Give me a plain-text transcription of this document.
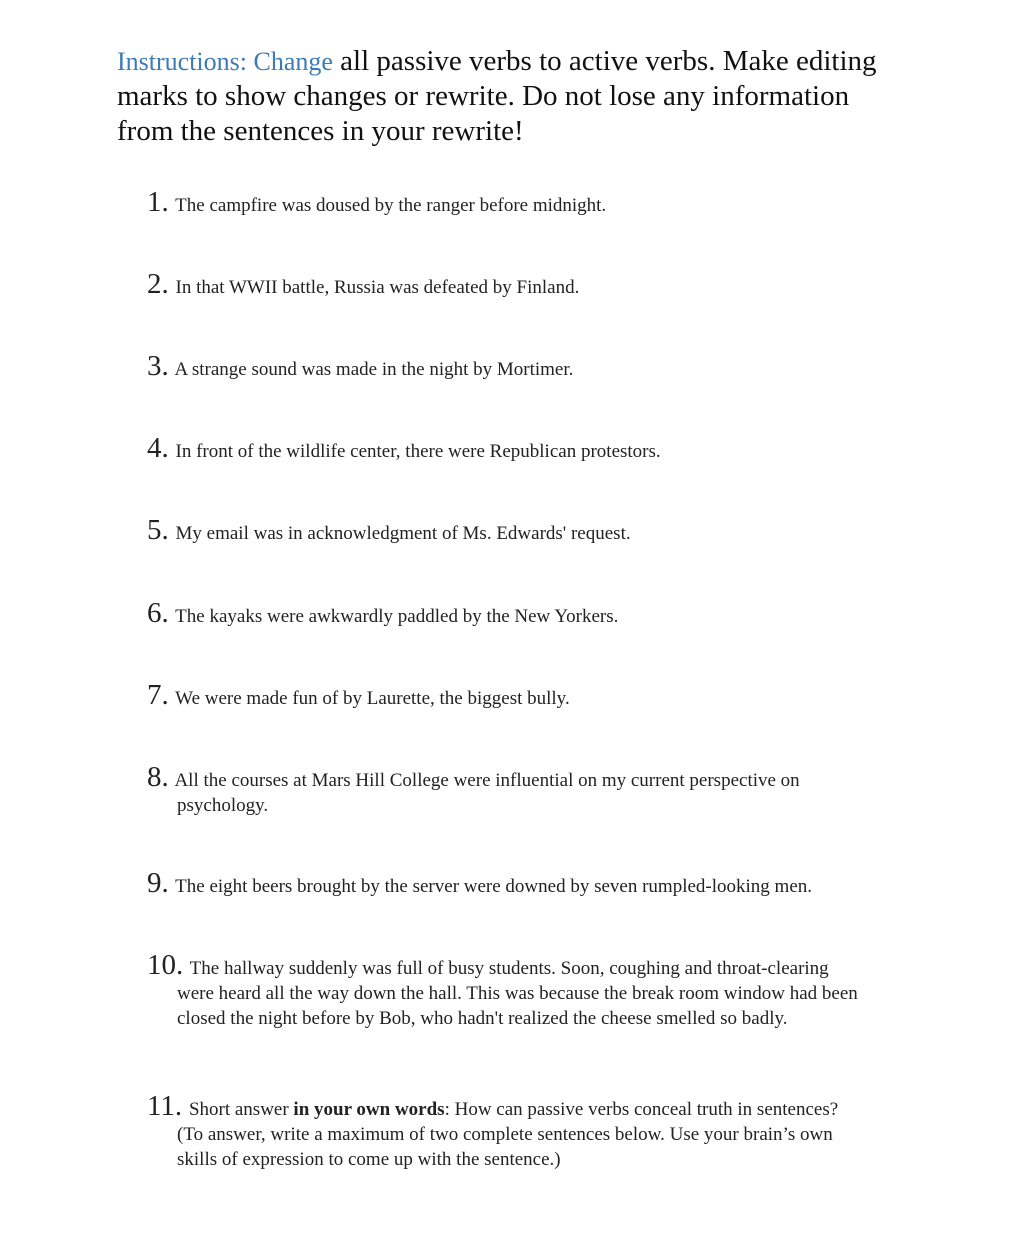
Instructions: Change all passive verbs to active verbs. Make editing marks to show changes or rewrite. Do not lose any information from the sentences in your rewrite!
1. The campfire was doused by the ranger before midnight.
2. In that WWII battle, Russia was defeated by Finland.
3. A strange sound was made in the night by Mortimer.
4. In front of the wildlife center, there were Republican protestors.
5. My email was in acknowledgment of Ms. Edwards' request.
6. The kayaks were awkwardly paddled by the New Yorkers.
7. We were made fun of by Laurette, the biggest bully.
8. All the courses at Mars Hill College were influential on my current perspective on
psychology.
9. The eight beers brought by the server were downed by seven rumpled-looking men.
10. The hallway suddenly was full of busy students. Soon, coughing and throat-clearing
were heard all the way down the hall. This was because the break room window had been
closed the night before by Bob, who hadn't realized the cheese smelled so badly.
11. Short answer in your own words: How can passive verbs conceal truth in sentences?
(To answer, write a maximum of two complete sentences below. Use your brain’s own
skills of expression to come up with the sentence.)
